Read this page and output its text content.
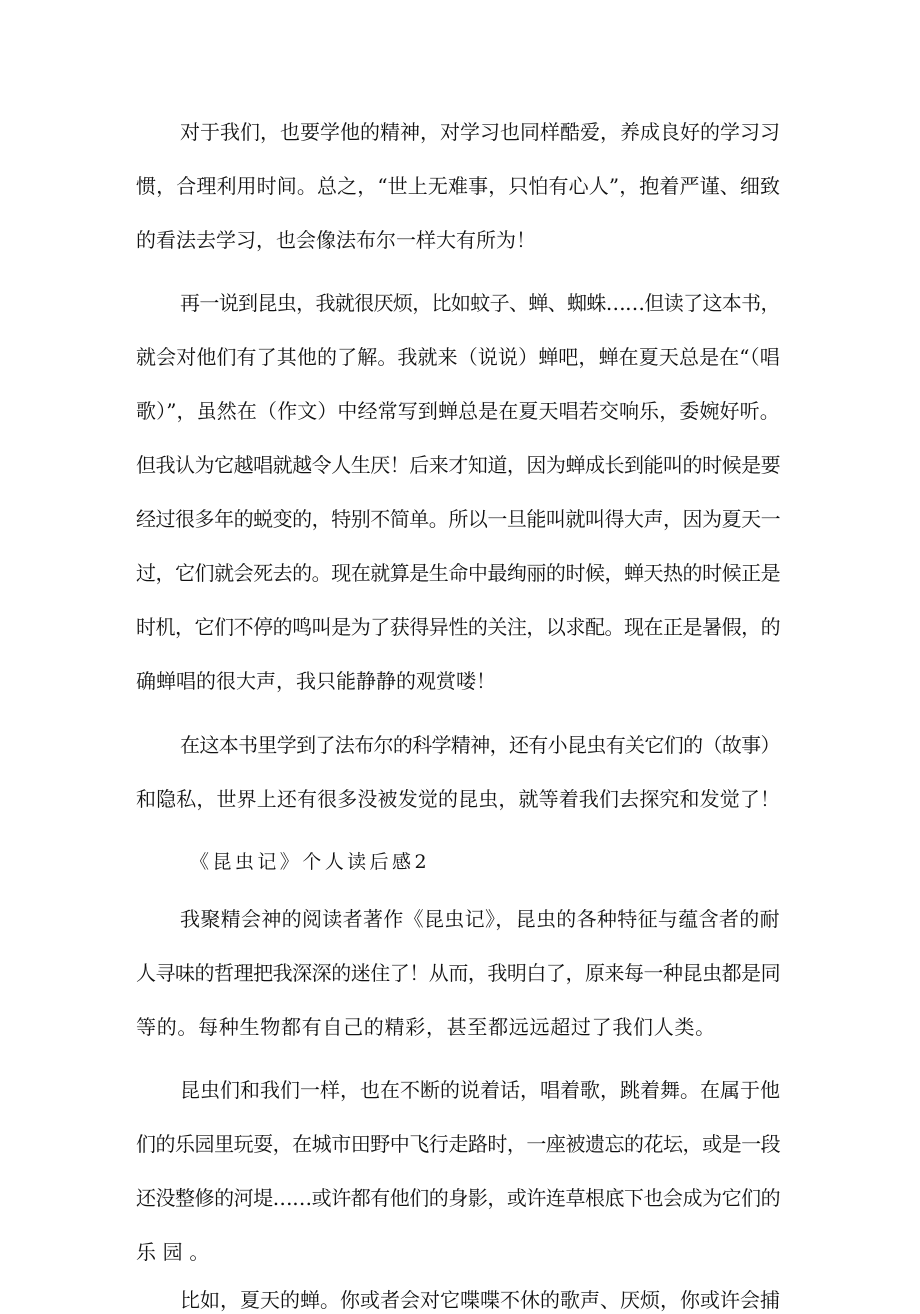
对于我们，也要学他的精神，对学习也同样酷爱，养成良好的学习习
惯，合理利用时间。总之，“世上无难事，只怕有心人”，抱着严谨、细致
的看法去学习，也会像法布尔一样大有所为！
再一说到昆虫，我就很厌烦，比如蚊子、蝉、蜘蛛……但读了这本书，
就会对他们有了其他的了解。我就来（说说）蝉吧，蝉在夏天总是在“（唱
歌）”，虽然在（作文）中经常写到蝉总是在夏天唱若交响乐，委婉好听。
但我认为它越唱就越令人生厌！后来才知道，因为蝉成长到能叫的时候是要
经过很多年的蜕变的，特别不简单。所以一旦能叫就叫得大声，因为夏天一
过，它们就会死去的。现在就算是生命中最绚丽的时候，蝉天热的时候正是
时机，它们不停的鸣叫是为了获得异性的关注，以求配。现在正是暑假，的
确蝉唱的很大声，我只能静静的观赏喽！
在这本书里学到了法布尔的科学精神，还有小昆虫有关它们的（故事）
和隐私，世界上还有很多没被发觉的昆虫，就等着我们去探究和发觉了！
《昆虫记》个人读后感2
我聚精会神的阅读者著作《昆虫记》，昆虫的各种特征与蕴含者的耐
人寻味的哲理把我深深的迷住了！从而，我明白了，原来每一种昆虫都是同
等的。每种生物都有自己的精彩，甚至都远远超过了我们人类。
昆虫们和我们一样，也在不断的说着话，唱着歌，跳着舞。在属于他
们的乐园里玩耍，在城市田野中飞行走路时，一座被遗忘的花坛，或是一段
还没整修的河堤……或许都有他们的身影，或许连草根底下也会成为它们的
乐园。
比如，夏天的蝉。你或者会对它喋喋不休的歌声、厌烦，你或许会捕
